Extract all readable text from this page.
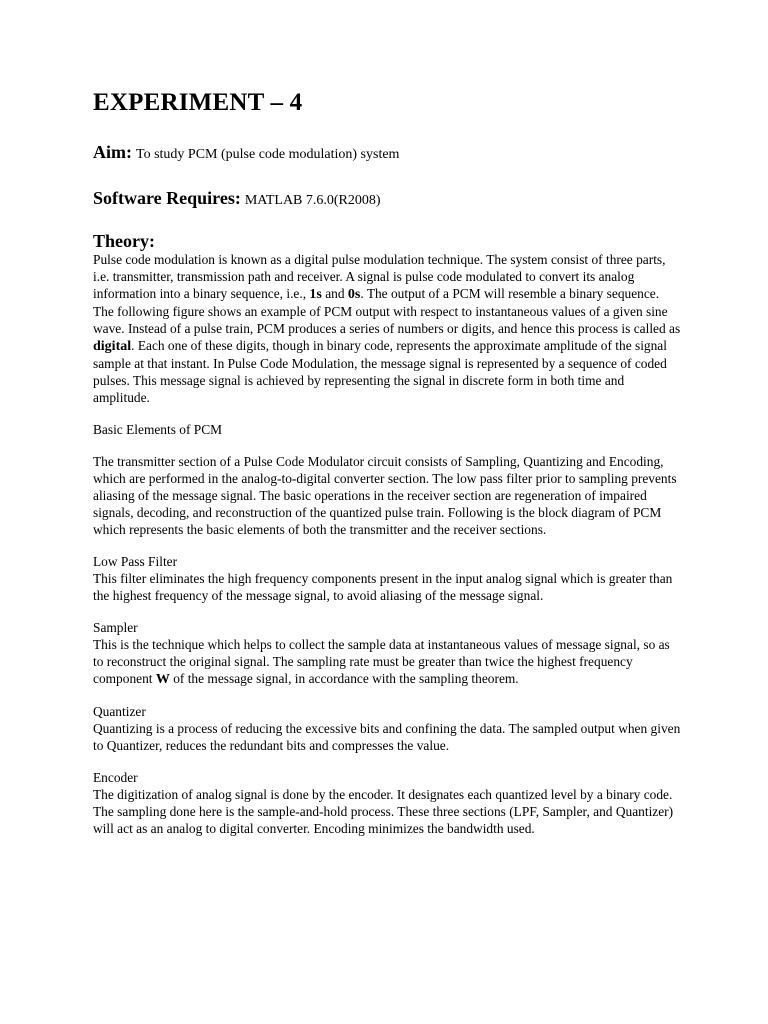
EXPERIMENT – 4
Aim: To study PCM (pulse code modulation) system
Software Requires: MATLAB 7.6.0(R2008)
Theory:

Pulse code modulation is known as a digital pulse modulation technique. The system consist of three parts, i.e. transmitter, transmission path and receiver. A signal is pulse code modulated to convert its analog information into a binary sequence, i.e., 1s and 0s. The output of a PCM will resemble a binary sequence. The following figure shows an example of PCM output with respect to instantaneous values of a given sine wave. Instead of a pulse train, PCM produces a series of numbers or digits, and hence this process is called as digital. Each one of these digits, though in binary code, represents the approximate amplitude of the signal sample at that instant. In Pulse Code Modulation, the message signal is represented by a sequence of coded pulses. This message signal is achieved by representing the signal in discrete form in both time and amplitude.

Basic Elements of PCM

The transmitter section of a Pulse Code Modulator circuit consists of Sampling, Quantizing and Encoding, which are performed in the analog-to-digital converter section. The low pass filter prior to sampling prevents aliasing of the message signal. The basic operations in the receiver section are regeneration of impaired signals, decoding, and reconstruction of the quantized pulse train. Following is the block diagram of PCM which represents the basic elements of both the transmitter and the receiver sections.

Low Pass Filter

This filter eliminates the high frequency components present in the input analog signal which is greater than the highest frequency of the message signal, to avoid aliasing of the message signal.

Sampler

This is the technique which helps to collect the sample data at instantaneous values of message signal, so as to reconstruct the original signal. The sampling rate must be greater than twice the highest frequency component W of the message signal, in accordance with the sampling theorem.

Quantizer

Quantizing is a process of reducing the excessive bits and confining the data. The sampled output when given to Quantizer, reduces the redundant bits and compresses the value.

Encoder

The digitization of analog signal is done by the encoder. It designates each quantized level by a binary code. The sampling done here is the sample-and-hold process. These three sections (LPF, Sampler, and Quantizer) will act as an analog to digital converter. Encoding minimizes the bandwidth used.
